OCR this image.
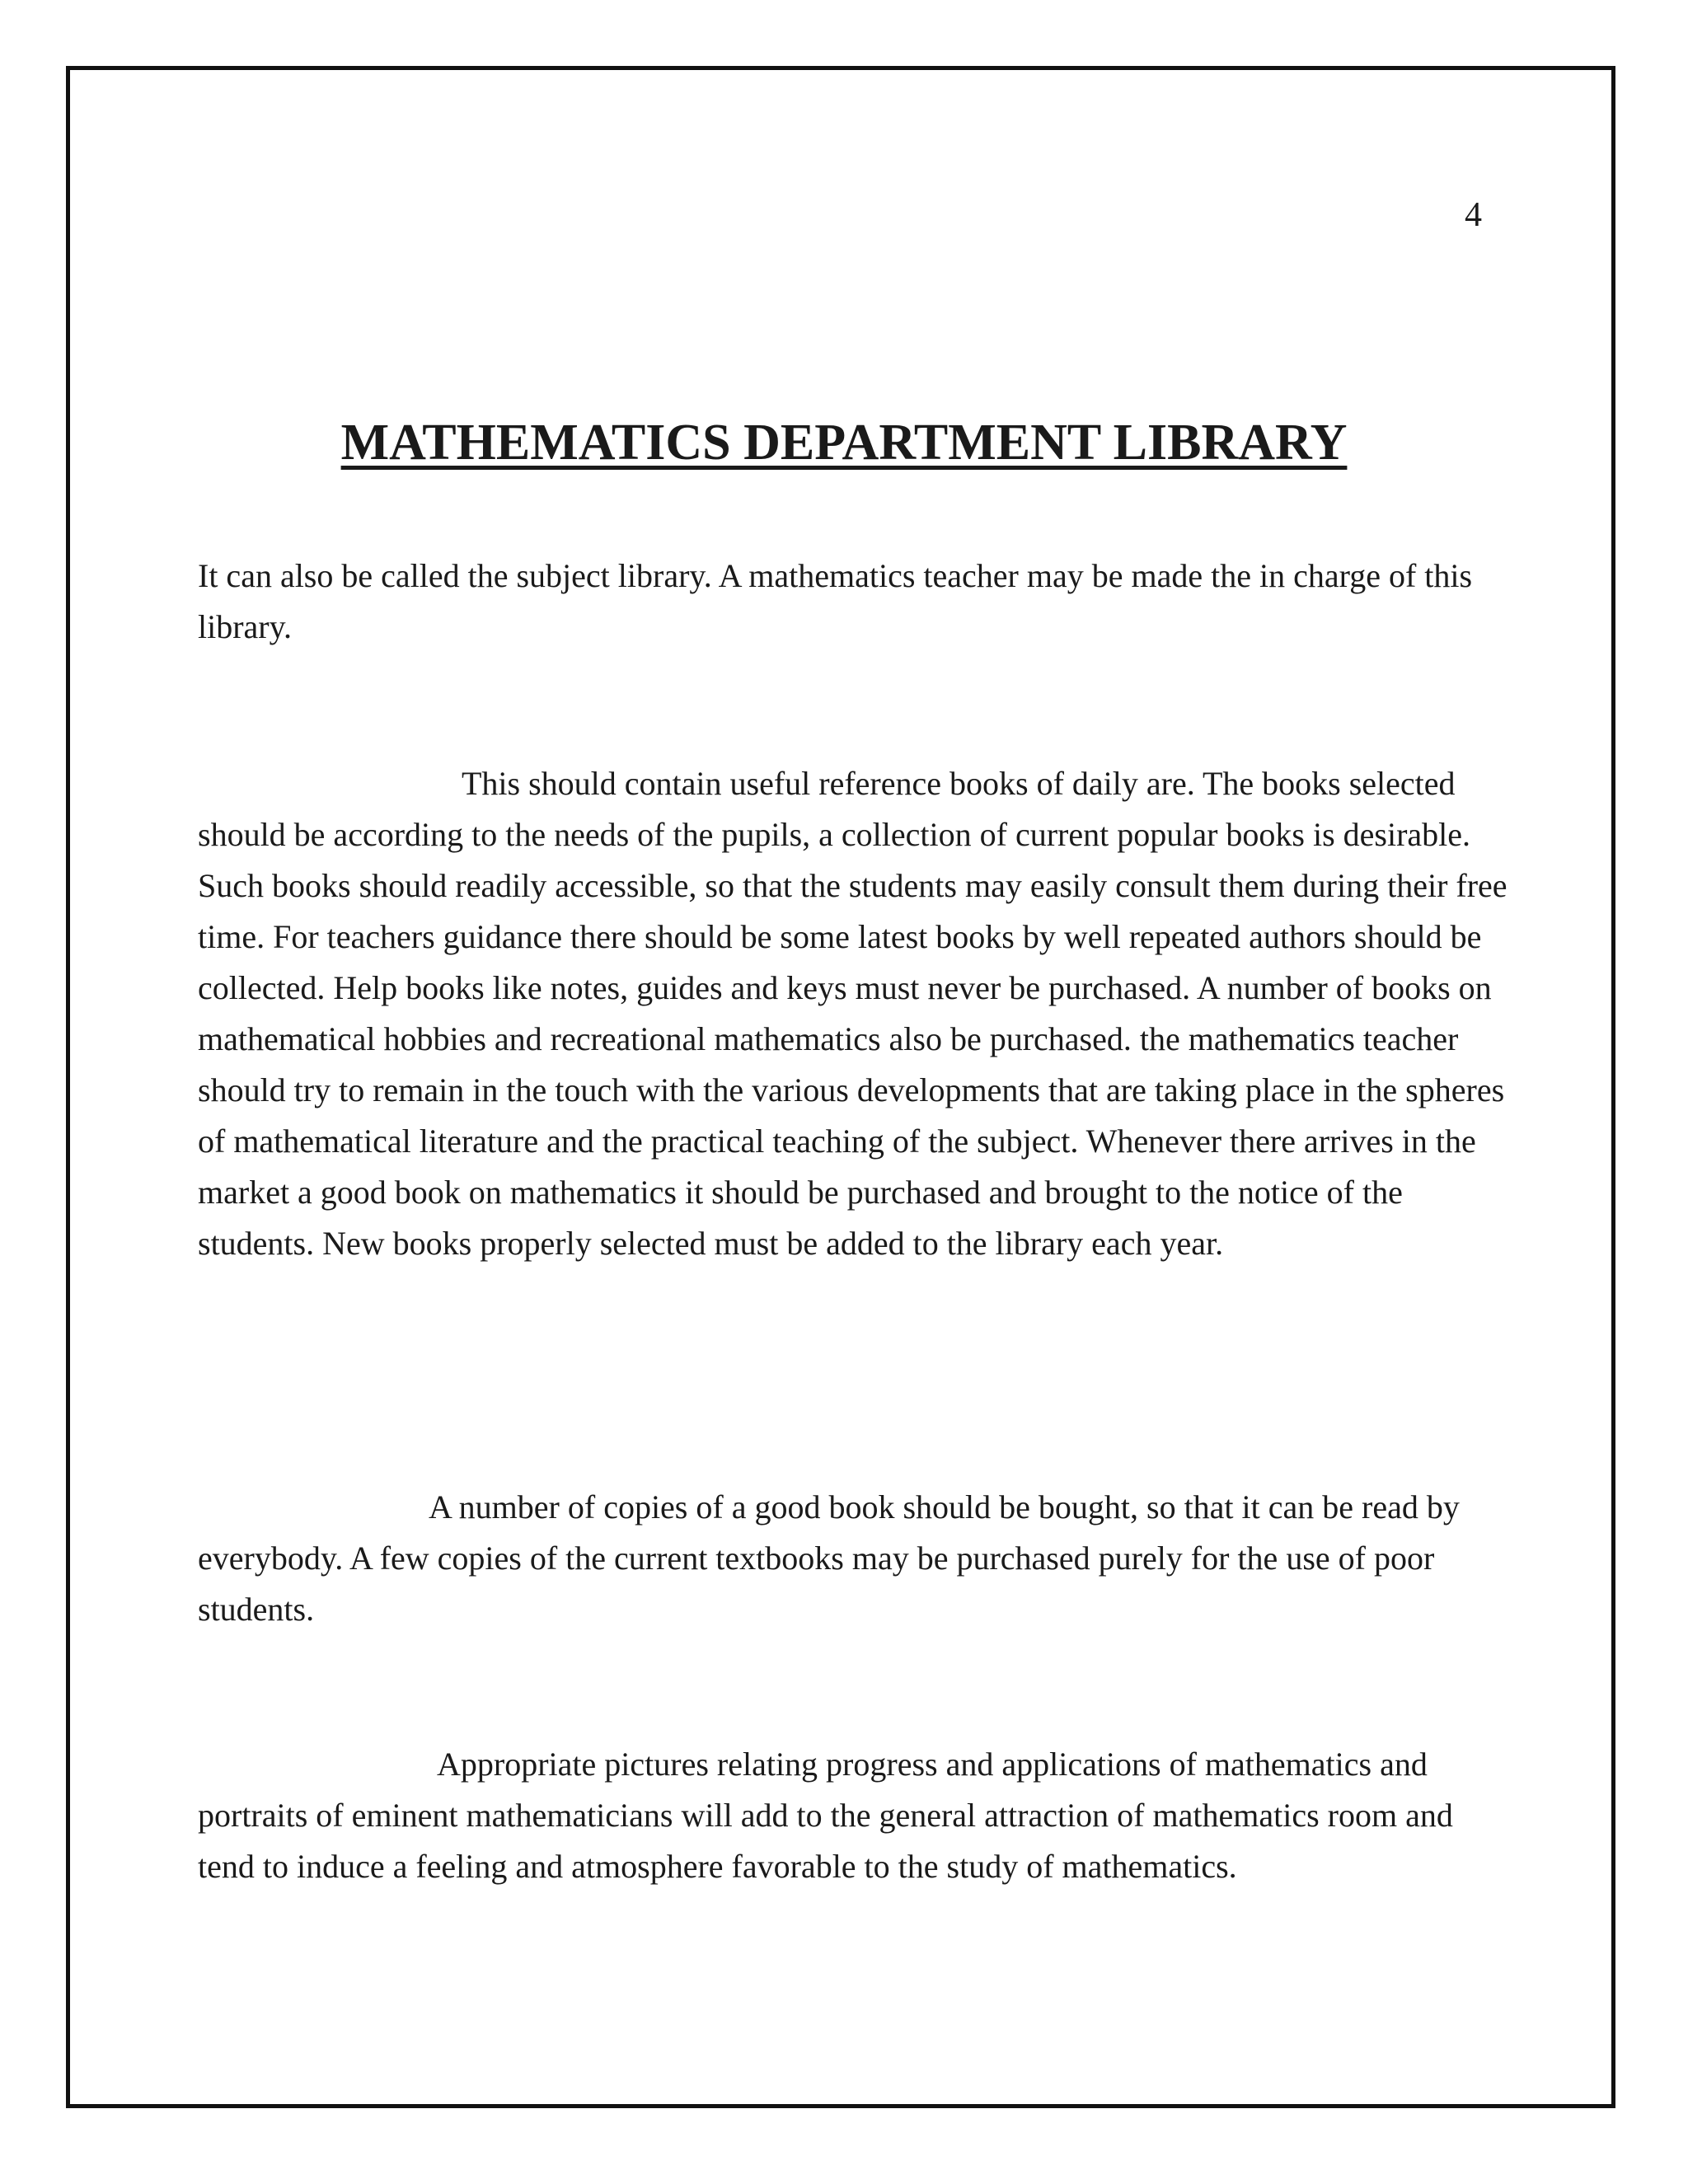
4
MATHEMATICS DEPARTMENT LIBRARY

It can also be called the subject library. A mathematics teacher may be made the in charge of this library.

This should contain useful reference books of daily are. The books selected should be according to the needs of the pupils, a collection of current popular books is desirable. Such books should readily accessible, so that the students may easily consult them during their free time. For teachers guidance there should be some latest books by well repeated authors should be collected. Help books like notes, guides and keys must never be purchased. A number of books on mathematical hobbies and recreational mathematics also be purchased. the mathematics teacher should try to remain in the touch with the various developments that are taking place in the spheres of mathematical literature and the practical teaching of the subject. Whenever there arrives in the market a good book on mathematics it should be purchased and brought to the notice of the students. New books properly selected must be added to the library each year.

A number of copies of a good book should be bought, so that it can be read by everybody. A few copies of the current textbooks may be purchased purely for the use of poor students.

Appropriate pictures relating progress and applications of mathematics and portraits of eminent mathematicians will add to the general attraction of mathematics room and tend to induce a feeling and atmosphere favorable to the study of mathematics.
